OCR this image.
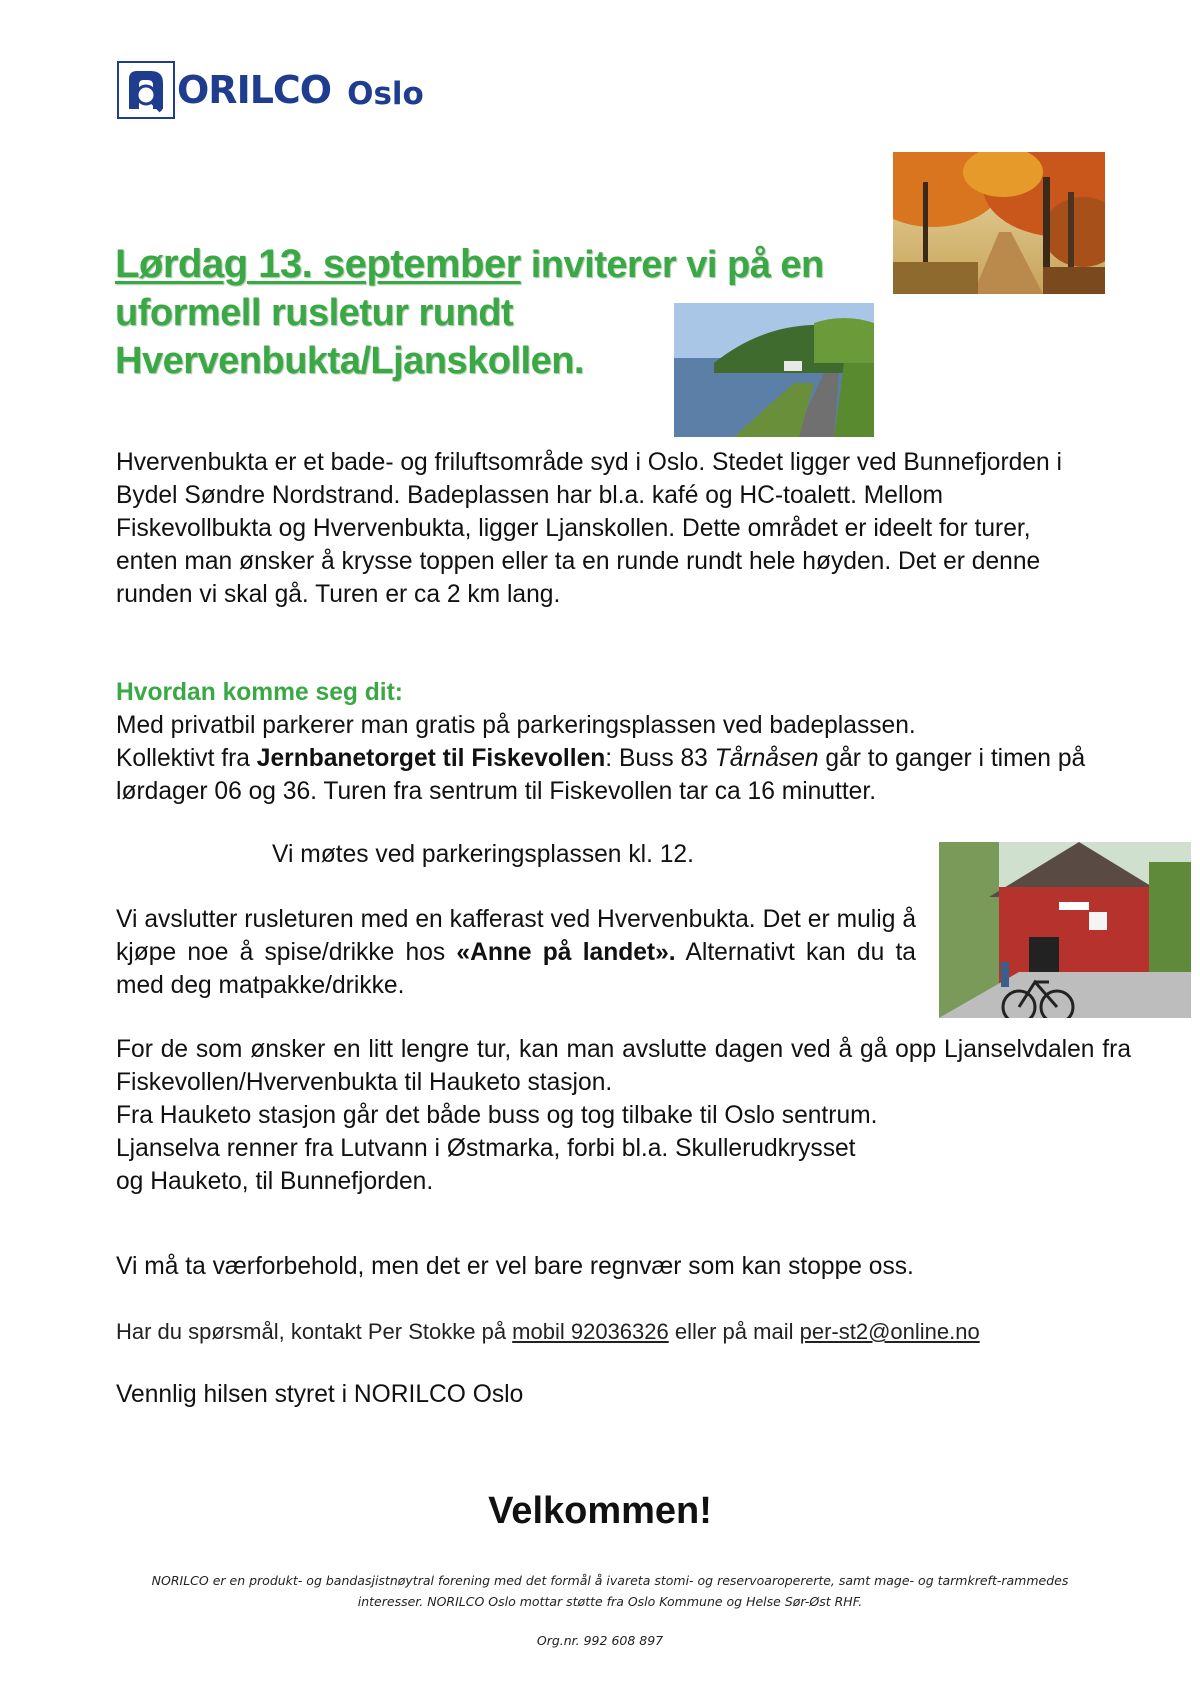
ORILCO Oslo
Lørdag 13. september inviterer vi på en uformell rusletur rundt Hvervenbukta/Ljanskollen.
Hvervenbukta er et bade- og friluftsområde syd i Oslo. Stedet ligger ved Bunnefjorden i Bydel Søndre Nordstrand. Badeplassen har bl.a. kafé og HC-toalett. Mellom Fiskevollbukta og Hvervenbukta, ligger Ljanskollen. Dette området er ideelt for turer, enten man ønsker å krysse toppen eller ta en runde rundt hele høyden. Det er denne runden vi skal gå. Turen er ca 2 km lang.
Hvordan komme seg dit:
Med privatbil parkerer man gratis på parkeringsplassen ved badeplassen.
Kollektivt fra Jernbanetorget til Fiskevollen: Buss 83 Tårnåsen går to ganger i timen på lørdager 06 og 36. Turen fra sentrum til Fiskevollen tar ca 16 minutter.
Vi møtes ved parkeringsplassen kl. 12.
Vi avslutter rusleturen med en kafferast ved Hvervenbukta. Det er mulig å kjøpe noe å spise/drikke hos «Anne på landet». Alternativt kan du ta med deg matpakke/drikke.
For de som ønsker en litt lengre tur, kan man avslutte dagen ved å gå opp Ljanselvdalen fra Fiskevollen/Hvervenbukta til Hauketo stasjon.
Fra Hauketo stasjon går det både buss og tog tilbake til Oslo sentrum.
Ljanselva renner fra Lutvann i Østmarka, forbi bl.a. Skullerudkrysset
og Hauketo, til Bunnefjorden.
Vi må ta værforbehold, men det er vel bare regnvær som kan stoppe oss.
Har du spørsmål, kontakt Per Stokke på mobil 92036326 eller på mail per-st2@online.no
Vennlig hilsen styret i NORILCO Oslo
Velkommen!
NORILCO er en produkt- og bandasjistnøytral forening med det formål å ivareta stomi- og reservoaropererte, samt mage- og tarmkreft-rammedes interesser. NORILCO Oslo mottar støtte fra Oslo Kommune og Helse Sør-Øst RHF.
Org.nr. 992 608 897
